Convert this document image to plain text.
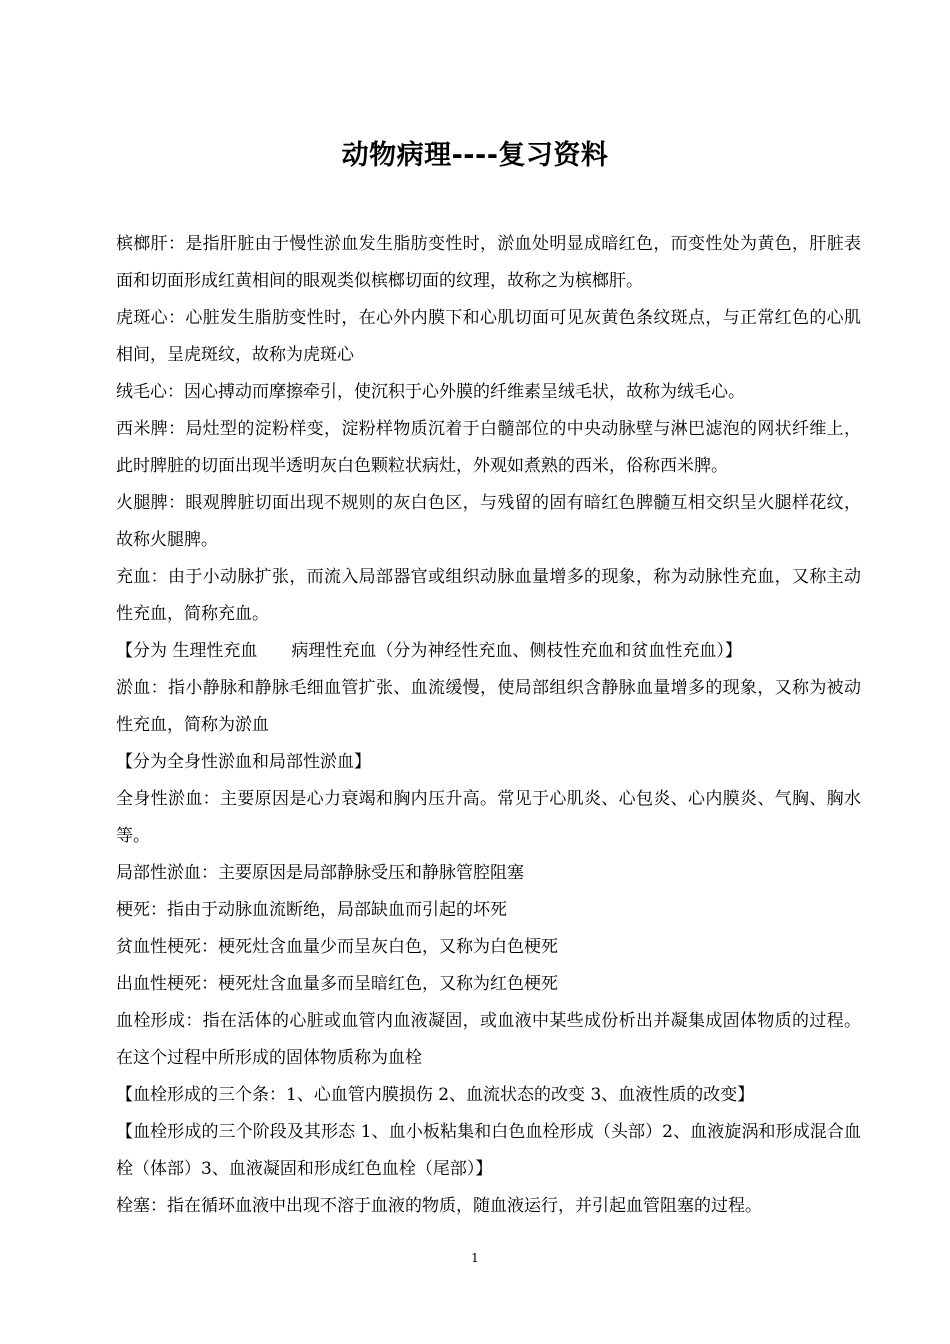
动物病理----复习资料

槟榔肝：是指肝脏由于慢性淤血发生脂肪变性时，淤血处明显成暗红色，而变性处为黄色，肝脏表面和切面形成红黄相间的眼观类似槟榔切面的纹理，故称之为槟榔肝。

虎斑心：心脏发生脂肪变性时，在心外内膜下和心肌切面可见灰黄色条纹斑点，与正常红色的心肌相间，呈虎斑纹，故称为虎斑心

绒毛心：因心搏动而摩擦牵引，使沉积于心外膜的纤维素呈绒毛状，故称为绒毛心。

西米脾：局灶型的淀粉样变，淀粉样物质沉着于白髓部位的中央动脉壁与淋巴滤泡的网状纤维上，此时脾脏的切面出现半透明灰白色颗粒状病灶，外观如煮熟的西米，俗称西米脾。

火腿脾：眼观脾脏切面出现不规则的灰白色区，与残留的固有暗红色脾髓互相交织呈火腿样花纹，故称火腿脾。

充血：由于小动脉扩张，而流入局部器官或组织动脉血量增多的现象，称为动脉性充血，又称主动性充血，简称充血。

【分为 生理性充血　　病理性充血（分为神经性充血、侧枝性充血和贫血性充血）】

淤血：指小静脉和静脉毛细血管扩张、血流缓慢，使局部组织含静脉血量增多的现象，又称为被动性充血，简称为淤血

【分为全身性淤血和局部性淤血】

全身性淤血：主要原因是心力衰竭和胸内压升高。常见于心肌炎、心包炎、心内膜炎、气胸、胸水等。

局部性淤血：主要原因是局部静脉受压和静脉管腔阻塞

梗死：指由于动脉血流断绝，局部缺血而引起的坏死

贫血性梗死：梗死灶含血量少而呈灰白色，又称为白色梗死

出血性梗死：梗死灶含血量多而呈暗红色，又称为红色梗死

血栓形成：指在活体的心脏或血管内血液凝固，或血液中某些成份析出并凝集成固体物质的过程。在这个过程中所形成的固体物质称为血栓

【血栓形成的三个条：1、心血管内膜损伤 2、血流状态的改变 3、血液性质的改变】

【血栓形成的三个阶段及其形态 1、血小板粘集和白色血栓形成（头部）2、血液旋涡和形成混合血栓（体部）3、血液凝固和形成红色血栓（尾部）】

栓塞：指在循环血液中出现不溶于血液的物质，随血液运行，并引起血管阻塞的过程。

1
